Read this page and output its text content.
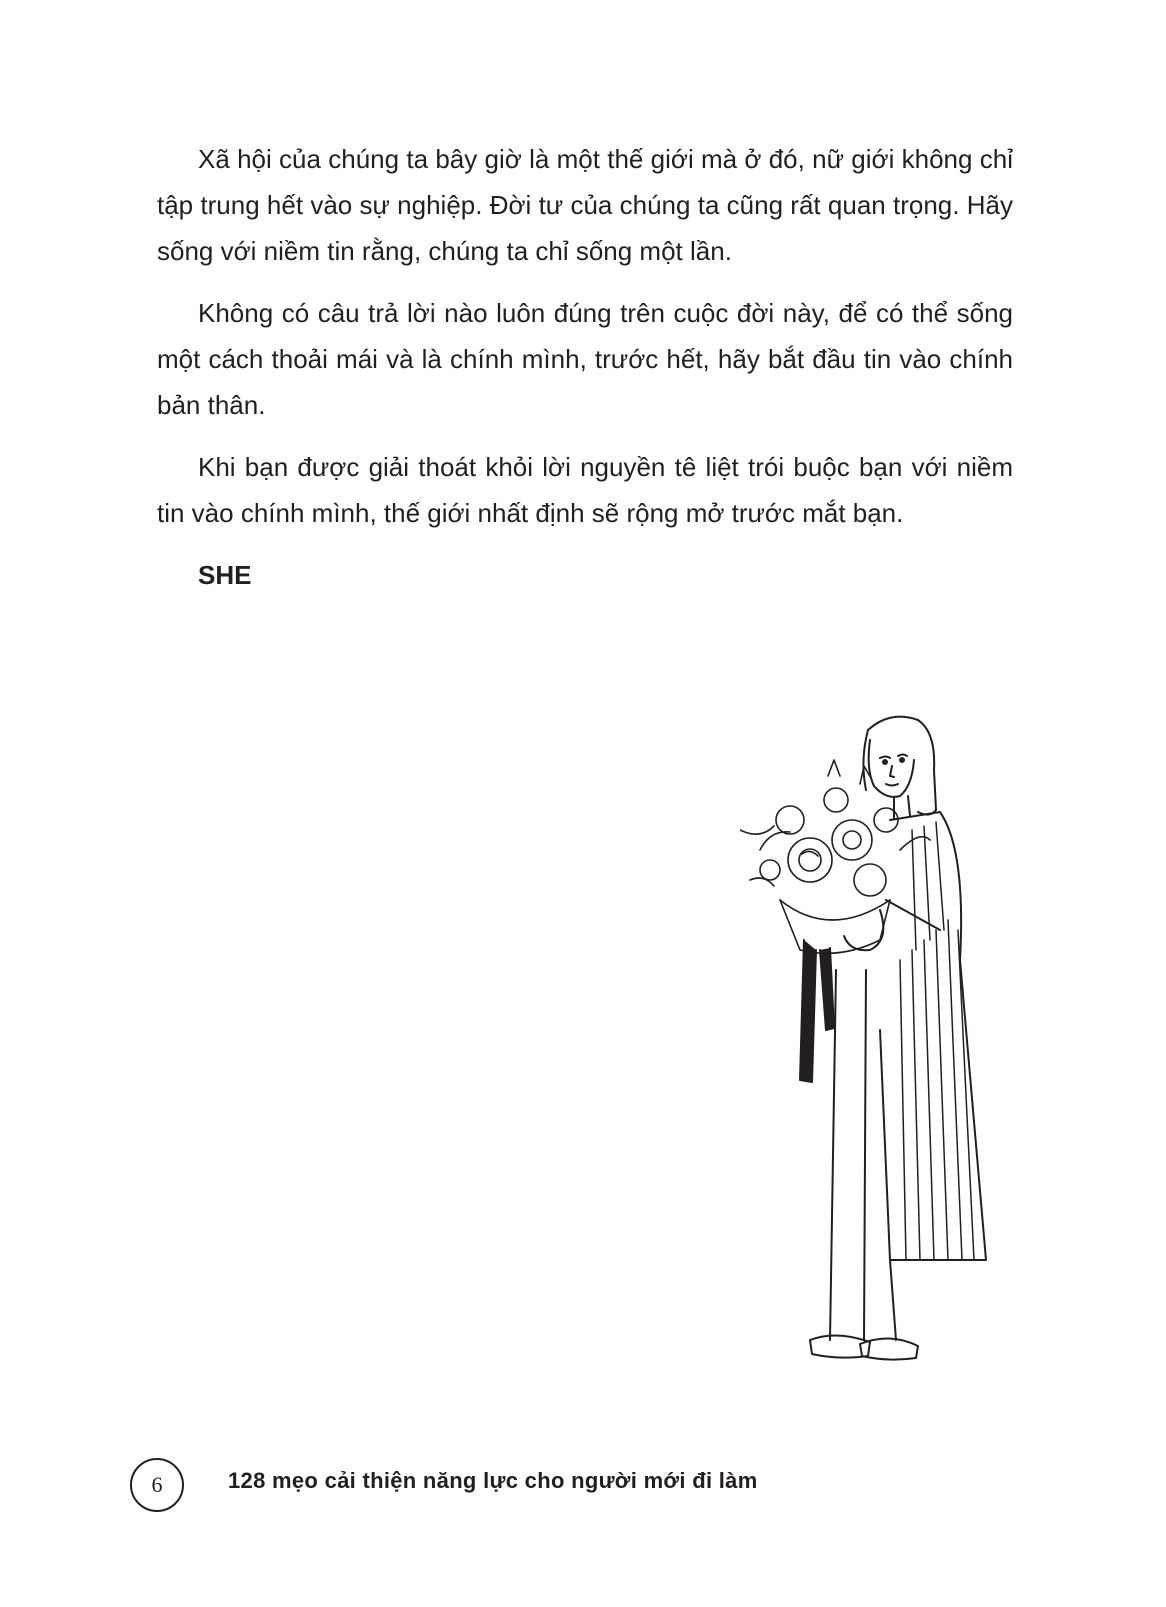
Xã hội của chúng ta bây giờ là một thế giới mà ở đó, nữ giới không chỉ tập trung hết vào sự nghiệp. Đời tư của chúng ta cũng rất quan trọng. Hãy sống với niềm tin rằng, chúng ta chỉ sống một lần.

Không có câu trả lời nào luôn đúng trên cuộc đời này, để có thể sống một cách thoải mái và là chính mình, trước hết, hãy bắt đầu tin vào chính bản thân.

Khi bạn được giải thoát khỏi lời nguyền tê liệt trói buộc bạn với niềm tin vào chính mình, thế giới nhất định sẽ rộng mở trước mắt bạn.

SHE

6	128 mẹo cải thiện năng lực cho người mới đi làm
